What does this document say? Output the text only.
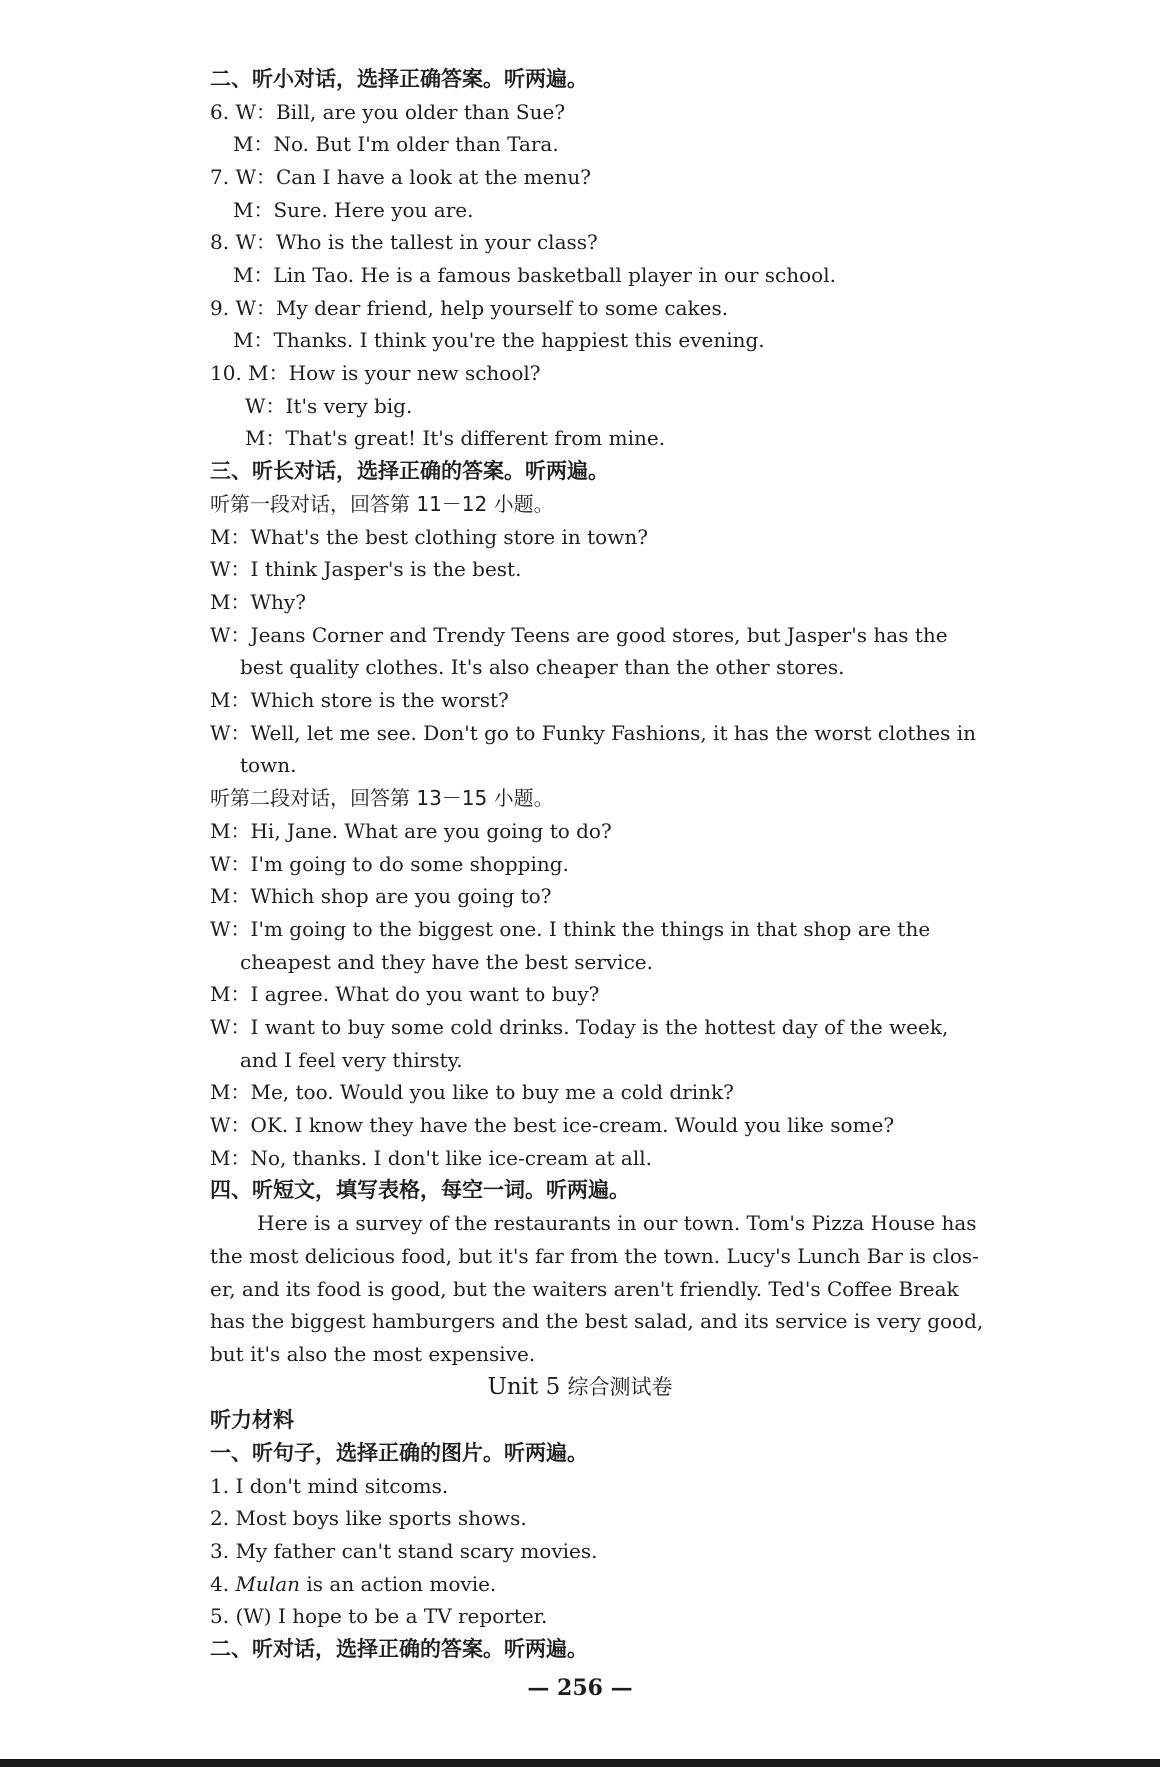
二、听小对话，选择正确答案。听两遍。
6. W：Bill, are you older than Sue?
M：No. But I'm older than Tara.
7. W：Can I have a look at the menu?
M：Sure. Here you are.
8. W：Who is the tallest in your class?
M：Lin Tao. He is a famous basketball player in our school.
9. W：My dear friend, help yourself to some cakes.
M：Thanks. I think you're the happiest this evening.
10. M：How is your new school?
W：It's very big.
M：That's great! It's different from mine.
三、听长对话，选择正确的答案。听两遍。
听第一段对话，回答第 11－12 小题。
M：What's the best clothing store in town?
W：I think Jasper's is the best.
M：Why?
W：Jeans Corner and Trendy Teens are good stores, but Jasper's has the
best quality clothes. It's also cheaper than the other stores.
M：Which store is the worst?
W：Well, let me see. Don't go to Funky Fashions, it has the worst clothes in
town.
听第二段对话，回答第 13－15 小题。
M：Hi, Jane. What are you going to do?
W：I'm going to do some shopping.
M：Which shop are you going to?
W：I'm going to the biggest one. I think the things in that shop are the
cheapest and they have the best service.
M：I agree. What do you want to buy?
W：I want to buy some cold drinks. Today is the hottest day of the week,
and I feel very thirsty.
M：Me, too. Would you like to buy me a cold drink?
W：OK. I know they have the best ice-cream. Would you like some?
M：No, thanks. I don't like ice-cream at all.
四、听短文，填写表格，每空一词。听两遍。
Here is a survey of the restaurants in our town. Tom's Pizza House has
the most delicious food, but it's far from the town. Lucy's Lunch Bar is clos-
er, and its food is good, but the waiters aren't friendly. Ted's Coffee Break
has the biggest hamburgers and the best salad, and its service is very good,
but it's also the most expensive.
Unit 5 综合测试卷
听力材料
一、听句子，选择正确的图片。听两遍。
1. I don't mind sitcoms.
2. Most boys like sports shows.
3. My father can't stand scary movies.
4. Mulan is an action movie.
5. (W) I hope to be a TV reporter.
二、听对话，选择正确的答案。听两遍。
— 256 —
